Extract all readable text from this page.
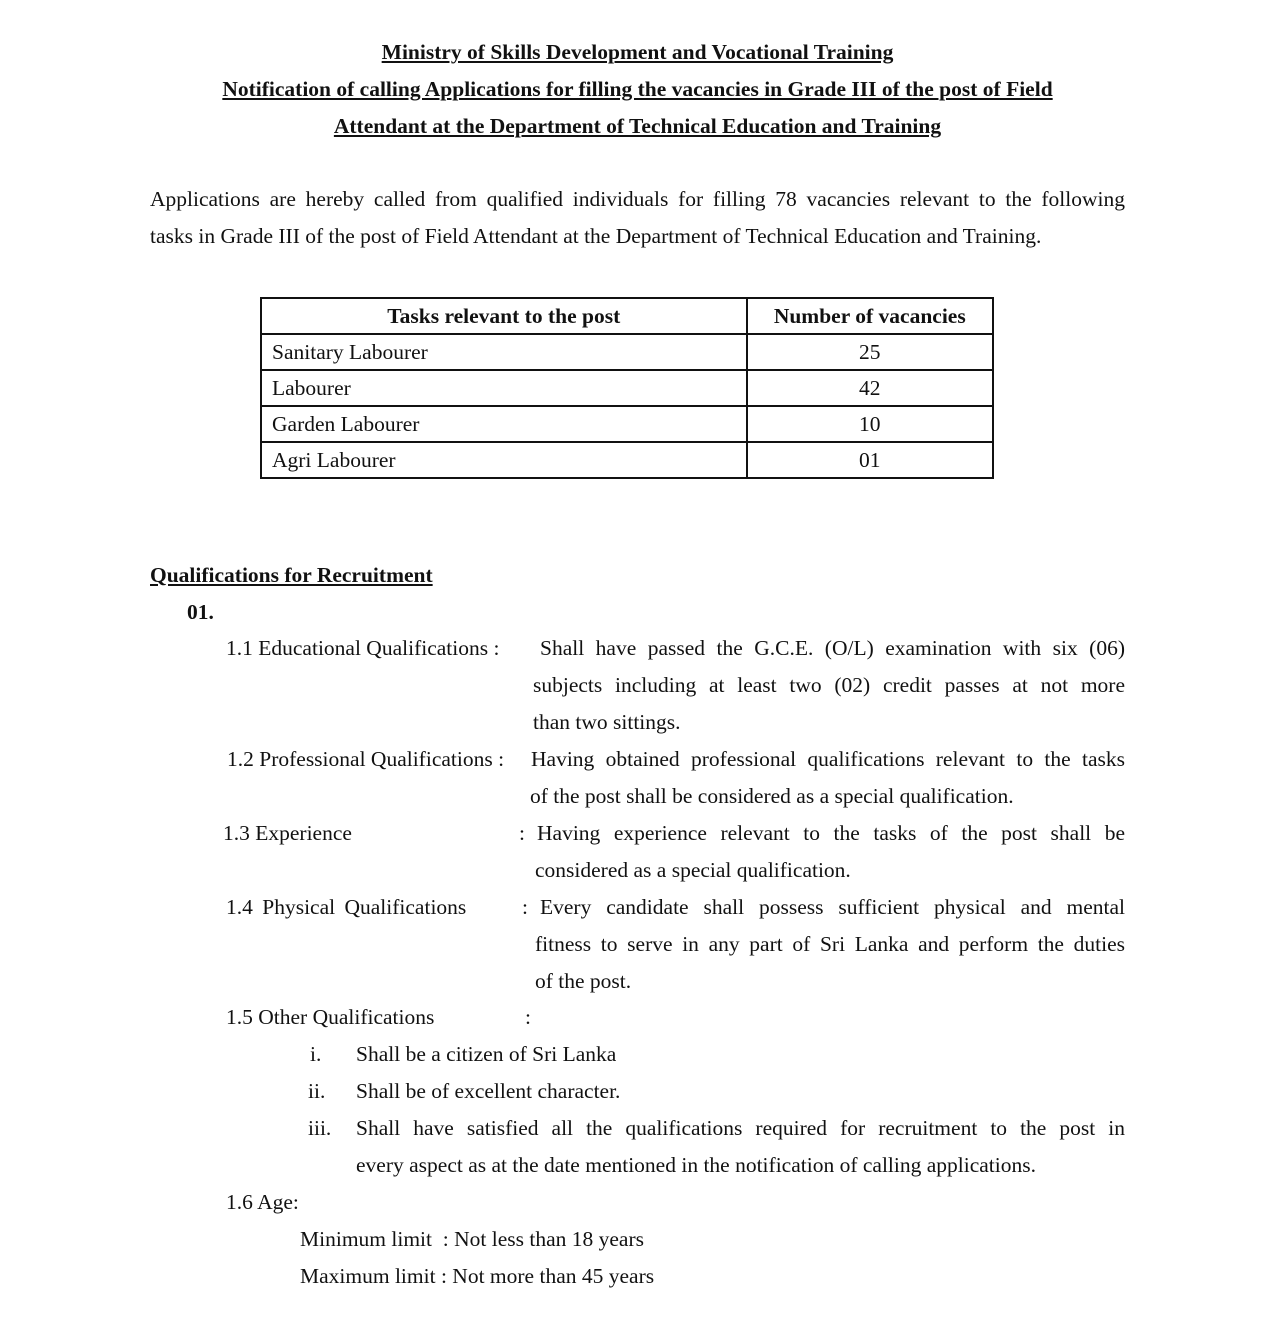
Ministry of Skills Development and Vocational Training
Notification of calling Applications for filling the vacancies in Grade III of the post of Field
Attendant at the Department of Technical Education and Training
Applications are hereby called from qualified individuals for filling 78 vacancies relevant to the following
tasks in Grade III of the post of Field Attendant at the Department of Technical Education and Training.
Tasks relevant to the post	Number of vacancies
Sanitary Labourer	25
Labourer	42
Garden Labourer	10
Agri Labourer	01
Qualifications for Recruitment
01.
1.1 Educational Qualifications : Shall have passed the G.C.E. (O/L) examination with six (06)
subjects including at least two (02) credit passes at not more
than two sittings.
1.2 Professional Qualifications : Having obtained professional qualifications relevant to the tasks
of the post shall be considered as a special qualification.
1.3 Experience	: Having experience relevant to the tasks of the post shall be
considered as a special qualification.
1.4 Physical Qualifications	: Every candidate shall possess sufficient physical and mental
fitness to serve in any part of Sri Lanka and perform the duties
of the post.
1.5 Other Qualifications	:
i. Shall be a citizen of Sri Lanka
ii. Shall be of excellent character.
iii. Shall have satisfied all the qualifications required for recruitment to the post in
every aspect as at the date mentioned in the notification of calling applications.
1.6 Age:
Minimum limit  : Not less than 18 years
Maximum limit : Not more than 45 years
